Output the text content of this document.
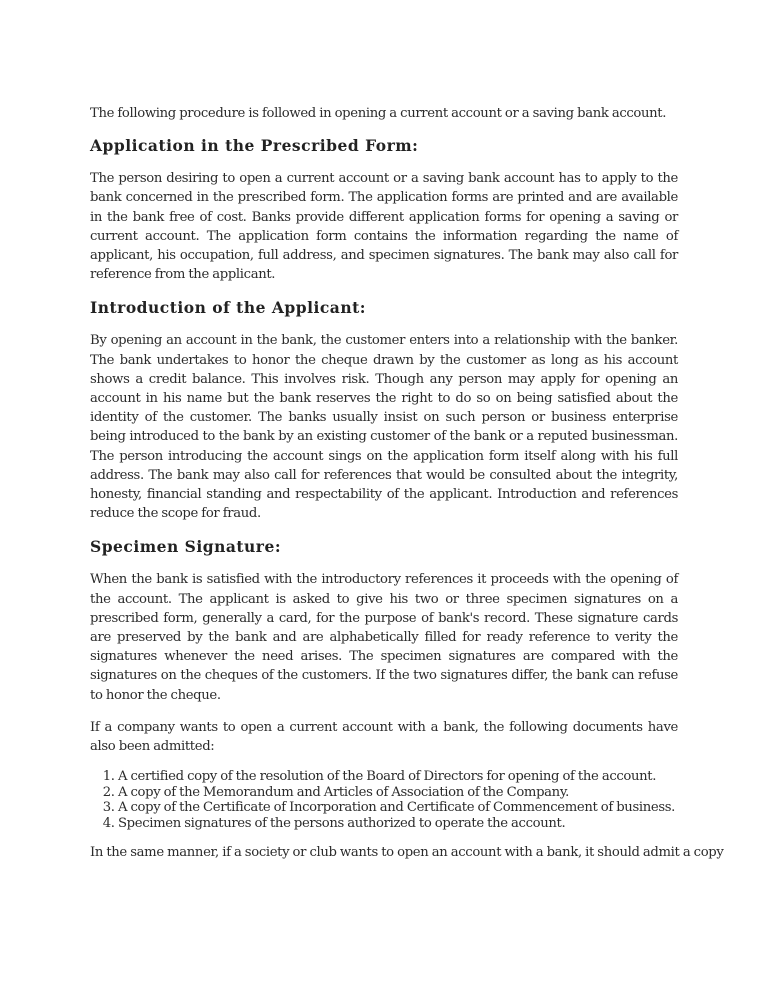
The following procedure is followed in opening a current account or a saving bank account.

Application in the Prescribed Form:

The person desiring to open a current account or a saving bank account has to apply to the bank concerned in the prescribed form. The application forms are printed and are available in the bank free of cost. Banks provide different application forms for opening a saving or current account. The application form contains the information regarding the name of applicant, his occupation, full address, and specimen signatures. The bank may also call for reference from the applicant.

Introduction of the Applicant:

By opening an account in the bank, the customer enters into a relationship with the banker. The bank undertakes to honor the cheque drawn by the customer as long as his account shows a credit balance. This involves risk. Though any person may apply for opening an account in his name but the bank reserves the right to do so on being satisfied about the identity of the customer. The banks usually insist on such person or business enterprise being introduced to the bank by an existing customer of the bank or a reputed businessman. The person introducing the account sings on the application form itself along with his full address. The bank may also call for references that would be consulted about the integrity, honesty, financial standing and respectability of the applicant. Introduction and references reduce the scope for fraud.

Specimen Signature:

When the bank is satisfied with the introductory references it proceeds with the opening of the account. The applicant is asked to give his two or three specimen signatures on a prescribed form, generally a card, for the purpose of bank's record. These signature cards are preserved by the bank and are alphabetically filled for ready reference to verity the signatures whenever the need arises. The specimen signatures are compared with the signatures on the cheques of the customers. If the two signatures differ, the bank can refuse to honor the cheque.

If a company wants to open a current account with a bank, the following documents have also been admitted:

1. A certified copy of the resolution of the Board of Directors for opening of the account.
2. A copy of the Memorandum and Articles of Association of the Company.
3. A copy of the Certificate of Incorporation and Certificate of Commencement of business.
4. Specimen signatures of the persons authorized to operate the account.

In the same manner, if a society or club wants to open an account with a bank, it should admit a copy
